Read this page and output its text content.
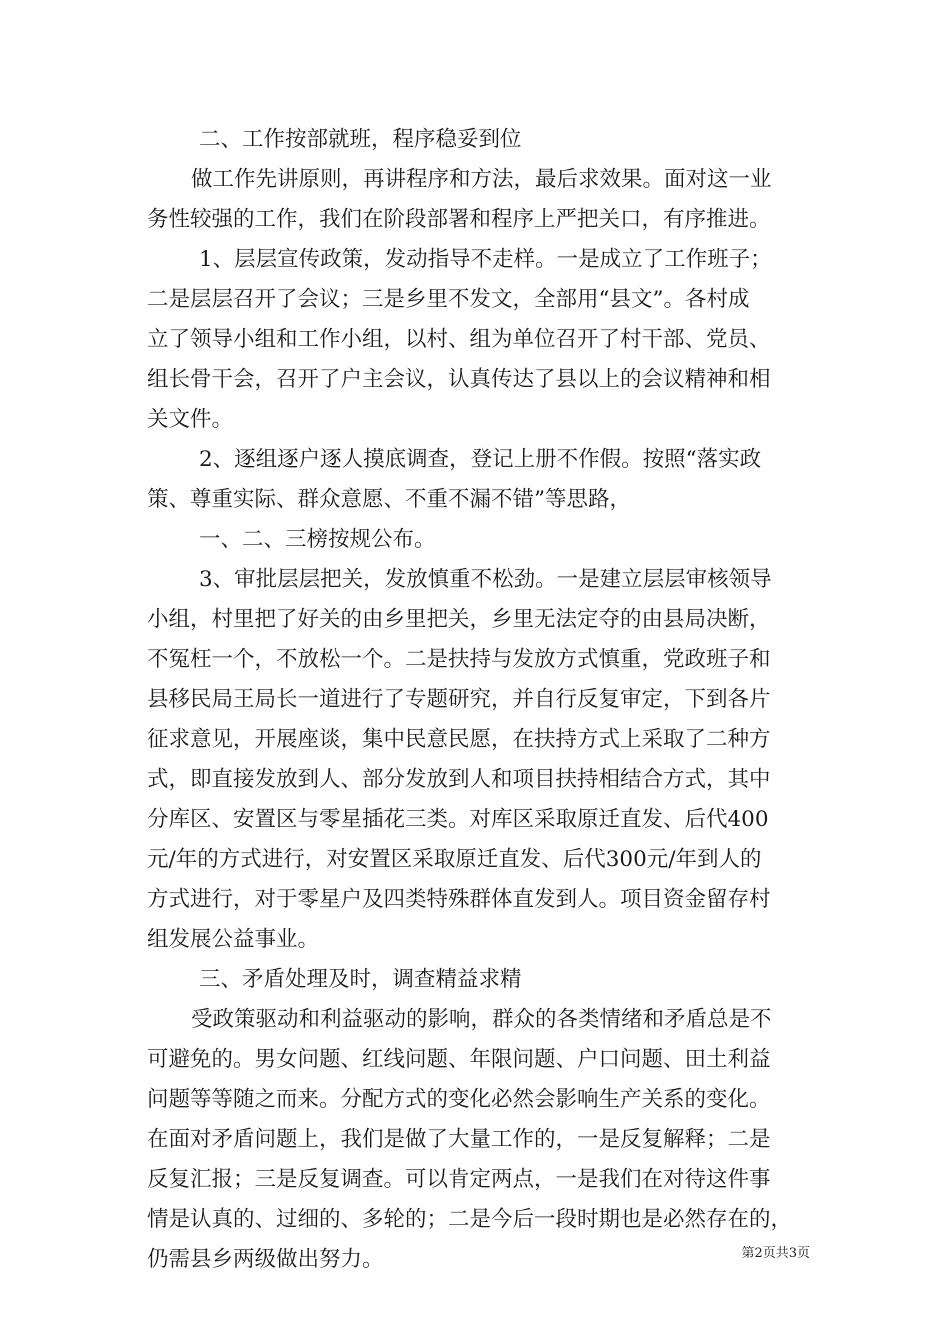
二、工作按部就班，程序稳妥到位
做工作先讲原则，再讲程序和方法，最后求效果。面对这一业
务性较强的工作，我们在阶段部署和程序上严把关口，有序推进。
1、层层宣传政策，发动指导不走样。一是成立了工作班子；
二是层层召开了会议；三是乡里不发文，全部用“县文”。各村成
立了领导小组和工作小组，以村、组为单位召开了村干部、党员、
组长骨干会，召开了户主会议，认真传达了县以上的会议精神和相
关文件。
2、逐组逐户逐人摸底调查，登记上册不作假。按照“落实政
策、尊重实际、群众意愿、不重不漏不错”等思路，
一、二、三榜按规公布。
3、审批层层把关，发放慎重不松劲。一是建立层层审核领导
小组，村里把了好关的由乡里把关，乡里无法定夺的由县局决断，
不冤枉一个，不放松一个。二是扶持与发放方式慎重，党政班子和
县移民局王局长一道进行了专题研究，并自行反复审定，下到各片
征求意见，开展座谈，集中民意民愿，在扶持方式上采取了二种方
式，即直接发放到人、部分发放到人和项目扶持相结合方式，其中
分库区、安置区与零星插花三类。对库区采取原迁直发、后代400
元/年的方式进行，对安置区采取原迁直发、后代300元/年到人的
方式进行，对于零星户及四类特殊群体直发到人。项目资金留存村
组发展公益事业。
三、矛盾处理及时，调查精益求精
受政策驱动和利益驱动的影响，群众的各类情绪和矛盾总是不
可避免的。男女问题、红线问题、年限问题、户口问题、田土利益
问题等等随之而来。分配方式的变化必然会影响生产关系的变化。
在面对矛盾问题上，我们是做了大量工作的，一是反复解释；二是
反复汇报；三是反复调查。可以肯定两点，一是我们在对待这件事
情是认真的、过细的、多轮的；二是今后一段时期也是必然存在的，
仍需县乡两级做出努力。	第2页共3页
